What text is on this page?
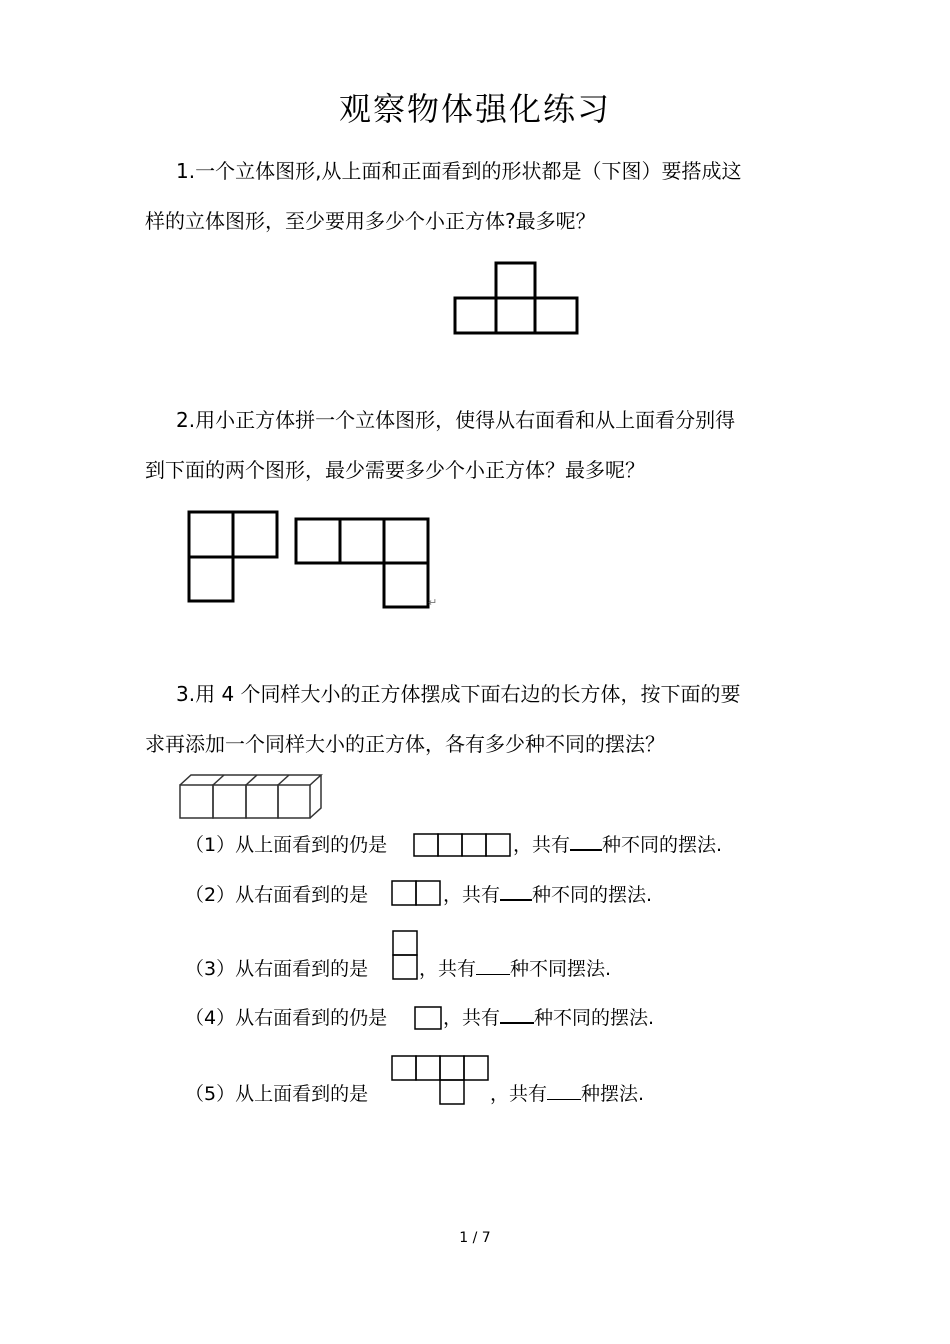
观察物体强化练习
1.一个立体图形,从上面和正面看到的形状都是（下图）要搭成这
样的立体图形，至少要用多少个小正方体?最多呢？
2.用小正方体拼一个立体图形，使得从右面看和从上面看分别得
到下面的两个图形，最少需要多少个小正方体？最多呢？
↵
3.用 4 个同样大小的正方体摆成下面右边的长方体，按下面的要
求再添加一个同样大小的正方体，各有多少种不同的摆法？
（1）从上面看到的仍是	，共有 种不同的摆法.
（2）从右面看到的是	，共有 种不同的摆法.
（3）从右面看到的是	，共有 种不同摆法.
（4）从右面看到的仍是	，共有 种不同的摆法.
（5）从上面看到的是	，共有 种摆法.
1 / 7
